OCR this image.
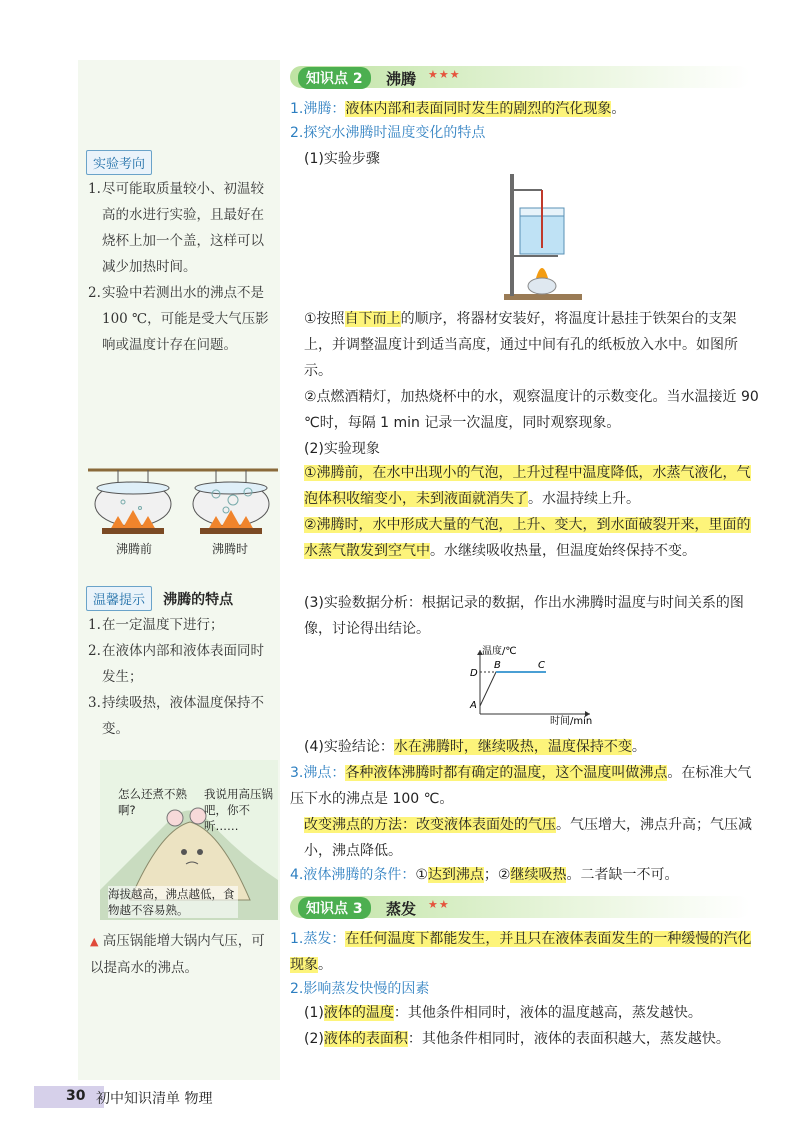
实验考向
1. 尽可能取质量较小、初温较高的水进行实验，且最好在烧杯上加一个盖，这样可以减少加热时间。
2. 实验中若测出水的沸点不是100 ℃，可能是受大气压影响或温度计存在问题。
沸腾前	沸腾时
温馨提示 沸腾的特点
1. 在一定温度下进行；
2. 在液体内部和液体表面同时发生；
3. 持续吸热，液体温度保持不变。
怎么还煮不熟啊?
我说用高压锅吧，你不听……
海拔越高，沸点越低，食物越不容易熟。
▲ 高压锅能增大锅内气压，可以提高水的沸点。
知识点 2	沸腾 ★★★
1.沸腾：液体内部和表面同时发生的剧烈的汽化现象。
2.探究水沸腾时温度变化的特点
(1)实验步骤
①按照自下而上的顺序，将器材安装好，将温度计悬挂于铁架台的支架上，并调整温度计到适当高度，通过中间有孔的纸板放入水中。如图所示。
②点燃酒精灯，加热烧杯中的水，观察温度计的示数变化。当水温接近 90 ℃时，每隔 1 min 记录一次温度，同时观察现象。
(2)实验现象
①沸腾前，在水中出现小的气泡，上升过程中温度降低，水蒸气液化，气泡体积收缩变小，未到液面就消失了。水温持续上升。
②沸腾时，水中形成大量的气泡，上升、变大，到水面破裂开来，里面的水蒸气散发到空气中。水继续吸收热量，但温度始终保持不变。
(3)实验数据分析：根据记录的数据，作出水沸腾时温度与时间关系的图像，讨论得出结论。
D
A
B	C
温度/℃
时间/min
(4)实验结论：水在沸腾时，继续吸热，温度保持不变。
3.沸点：各种液体沸腾时都有确定的温度，这个温度叫做沸点。在标准大气压下水的沸点是 100 ℃。
改变沸点的方法：改变液体表面处的气压。气压增大，沸点升高；气压减小，沸点降低。
4.液体沸腾的条件：①达到沸点；②继续吸热。二者缺一不可。
知识点 3	蒸发 ★★
1.蒸发：在任何温度下都能发生，并且只在液体表面发生的一种缓慢的汽化现象。
2.影响蒸发快慢的因素
(1)液体的温度：其他条件相同时，液体的温度越高，蒸发越快。
(2)液体的表面积：其他条件相同时，液体的表面积越大，蒸发越快。
30 初中知识清单 物理
